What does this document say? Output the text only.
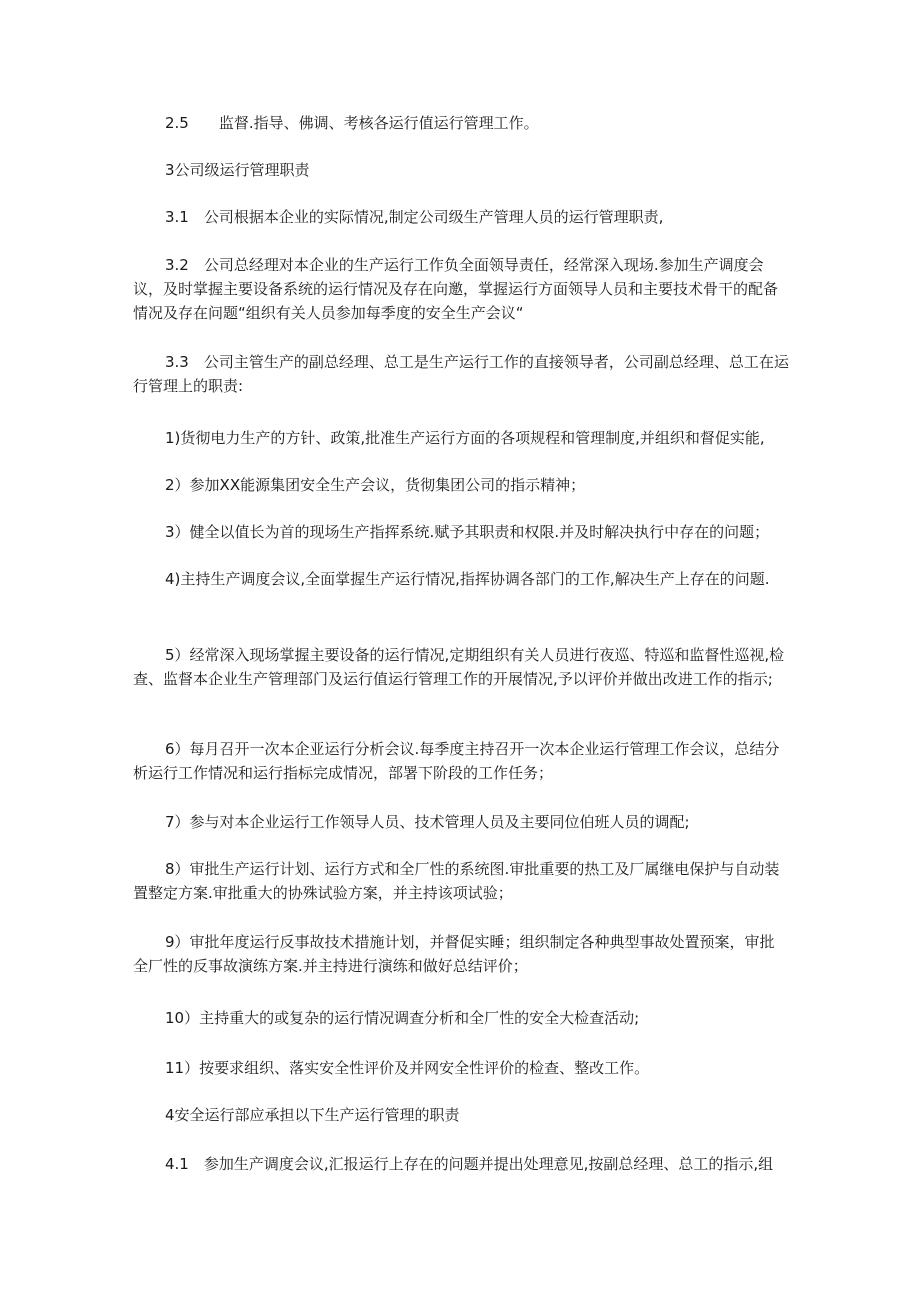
2.5　　监督.指导、佛调、考核各运行值运行管理工作。

3公司级运行管理职责

3.1　公司根据本企业的实际情况,制定公司级生产管理人员的运行管理职责,

3.2　公司总经理对本企业的生产运行工作负全面领导责任，经常深入现场.参加生产调度会议，及时掌握主要设备系统的运行情况及存在向邀，掌握运行方面领导人员和主要技术骨干的配备情况及存在问题“组织有关人员参加每季度的安全生产会议“

3.3　公司主管生产的副总经理、总工是生产运行工作的直接领导者，公司副总经理、总工在运行管理上的职责:

1)货彻电力生产的方针、政策,批准生产运行方面的各项规程和管理制度,并组织和督促实能,

2）参加XX能源集团安全生产会议，货彻集团公司的指示精神；

3）健全以值长为首的现场生产指挥系统.赋予其职责和权限.并及时解决执行中存在的问题；

4)主持生产调度会议,全面掌握生产运行情况,指挥协调各部门的工作,解决生产上存在的问题.

5）经常深入现场掌握主要设备的运行情况,定期组织有关人员进行夜巡、特巡和监督性巡视,检查、监督本企业生产管理部门及运行值运行管理工作的开展情况,予以评价并做出改进工作的指示;

6）每月召开一次本企亚运行分析会议.每季度主持召开一次本企业运行管理工作会议，总结分析运行工作情况和运行指标完成情况，部署下阶段的工作任务；

7）参与对本企业运行工作领导人员、技术管理人员及主要同位伯班人员的调配;

8）审批生产运行计划、运行方式和全厂性的系统图.审批重要的热工及厂属继电保护与自动装置整定方案.审批重大的协殊试验方案，并主持该项试验；

9）审批年度运行反事故技术措施计划，并督促实睡；组织制定各种典型事故处置预案，审批全厂性的反事故演练方案.并主持进行演练和做好总结评价；

10）主持重大的或复杂的运行情况调查分析和全厂性的安全大检查活动;

11）按要求组织、落实安全性评价及并网安全性评价的检查、整改工作。

4安全运行部应承担以下生产运行管理的职责

4.1　参加生产调度会议,汇报运行上存在的问题并提出处理意见,按副总经理、总工的指示,组
